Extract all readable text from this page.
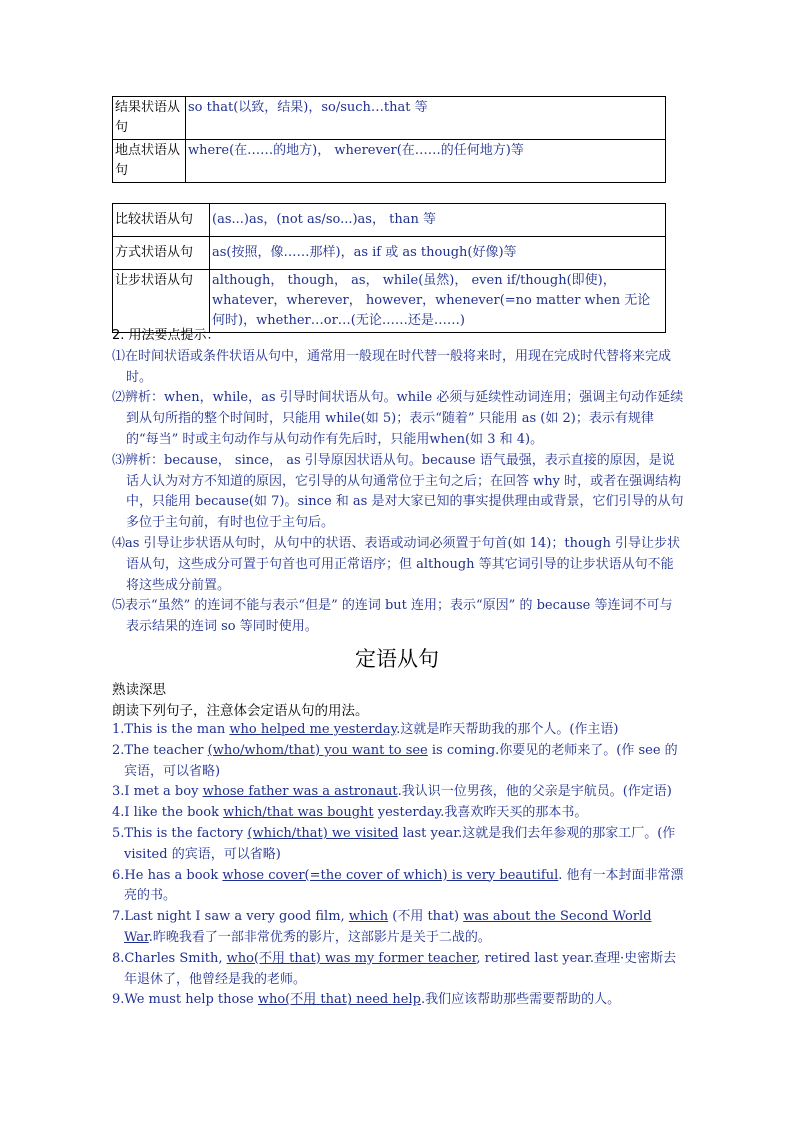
结果状语从句	so that(以致，结果)，so/such…that 等
地点状语从句	where(在……的地方)， wherever(在……的任何地方)等
比较状语从句	(as...)as，(not as/so...)as， than 等
方式状语从句	as(按照，像……那样)，as if 或 as though(好像)等
让步状语从句	although， though， as， while(虽然)， even if/though(即使)，whatever，wherever， however，whenever(=no matter when 无论何时)，whether…or…(无论……还是……)

2. 用法要点提示：

⑴在时间状语或条件状语从句中，通常用一般现在时代替一般将来时，用现在完成时代替将来完成时。

⑵辨析：when，while，as 引导时间状语从句。while 必须与延续性动词连用；强调主句动作延续到从句所指的整个时间时，只能用 while(如 5)；表示“随着” 只能用 as (如 2)；表示有规律的“每当” 时或主句动作与从句动作有先后时，只能用when(如 3 和 4)。

⑶辨析：because， since， as 引导原因状语从句。because 语气最强，表示直接的原因，是说话人认为对方不知道的原因，它引导的从句通常位于主句之后；在回答 why 时，或者在强调结构中，只能用 because(如 7)。since 和 as 是对大家已知的事实提供理由或背景，它们引导的从句多位于主句前，有时也位于主句后。

⑷as 引导让步状语从句时，从句中的状语、表语或动词必须置于句首(如 14)；though 引导让步状语从句，这些成分可置于句首也可用正常语序；但 although 等其它词引导的让步状语从句不能将这些成分前置。

⑸表示“虽然” 的连词不能与表示“但是” 的连词 but 连用；表示“原因” 的 because 等连词不可与表示结果的连词 so 等同时使用。

定语从句
熟读深思
朗读下列句子，注意体会定语从句的用法。

1.This is the man who helped me yesterday.这就是昨天帮助我的那个人。(作主语)

2.The teacher (who/whom/that) you want to see is coming.你要见的老师来了。(作 see 的宾语，可以省略)

3.I met a boy whose father was a astronaut.我认识一位男孩，他的父亲是宇航员。(作定语)

4.I like the book which/that was bought yesterday.我喜欢昨天买的那本书。

5.This is the factory (which/that) we visited last year.这就是我们去年参观的那家工厂。(作 visited 的宾语，可以省略)

6.He has a book whose cover(=the cover of which) is very beautiful. 他有一本封面非常漂亮的书。

7.Last night I saw a very good film, which (不用 that) was about the Second World War.昨晚我看了一部非常优秀的影片，这部影片是关于二战的。

8.Charles Smith, who(不用 that) was my former teacher, retired last year.查理·史密斯去年退休了，他曾经是我的老师。

9.We must help those who(不用 that) need help.我们应该帮助那些需要帮助的人。
